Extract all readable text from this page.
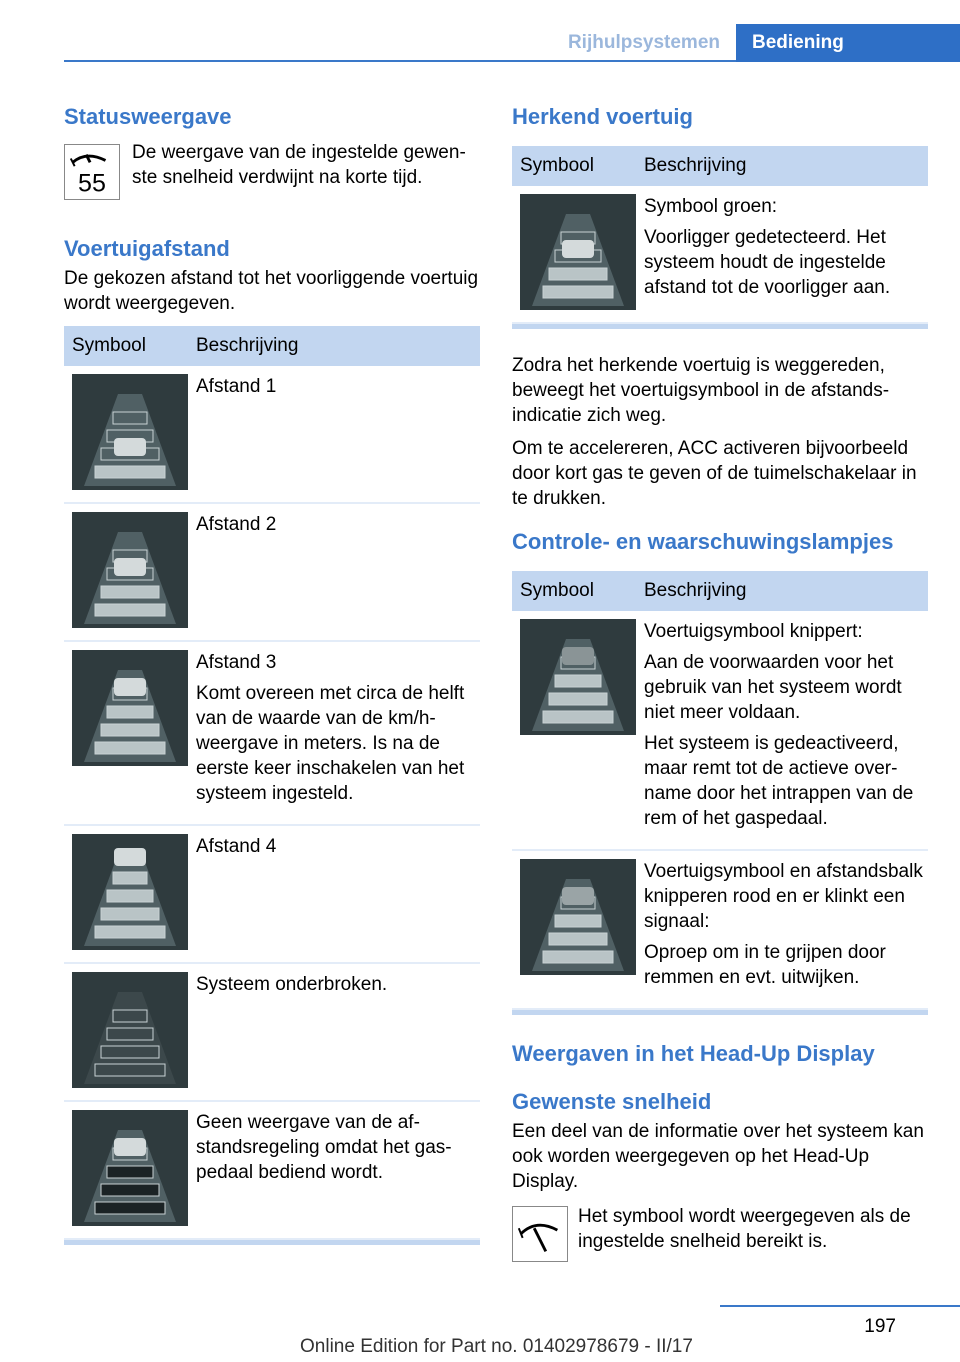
Rijhulpsystemen	Bediening
Statusweergave
55
De weergave van de ingestelde gewenste snelheid verdwijnt na korte tijd.
Voertuigafstand

De gekozen afstand tot het voorliggende voertuig wordt weergegeven.

Symbool	Beschrijving

Afstand 1

Afstand 2

Afstand 3

Komt overeen met circa de helft van de waarde van de km/h-weergave in meters. Is na de eerste keer inschakelen van het systeem ingesteld.

Afstand 4

Systeem onderbroken.

Geen weergave van de afstandsregeling omdat het gaspedaal bediend wordt.

Herkend voertuig
Symbool	Beschrijving

Symbool groen:

Voorligger gedetecteerd. Het systeem houdt de ingestelde afstand tot de voorligger aan.

Zodra het herkende voertuig is weggereden, beweegt het voertuigsymbool in de afstandsindicatie zich weg.

Om te accelereren, ACC activeren bijvoorbeeld door kort gas te geven of de tuimelschakelaar in te drukken.

Controle- en waarschuwingslampjes
Symbool	Beschrijving

Voertuigsymbool knippert:

Aan de voorwaarden voor het gebruik van het systeem wordt niet meer voldaan.

Het systeem is gedeactiveerd, maar remt tot de actieve overname door het intrappen van de rem of het gaspedaal.

Voertuigsymbool en afstandsbalk knipperen rood en er klinkt een signaal:

Oproep om in te grijpen door remmen en evt. uitwijken.

Weergaven in het Head-Up Display
Gewenste snelheid

Een deel van de informatie over het systeem kan ook worden weergegeven op het Head-Up Display.

Het symbool wordt weergegeven als de ingestelde snelheid bereikt is.
197
Online Edition for Part no. 01402978679 - II/17
